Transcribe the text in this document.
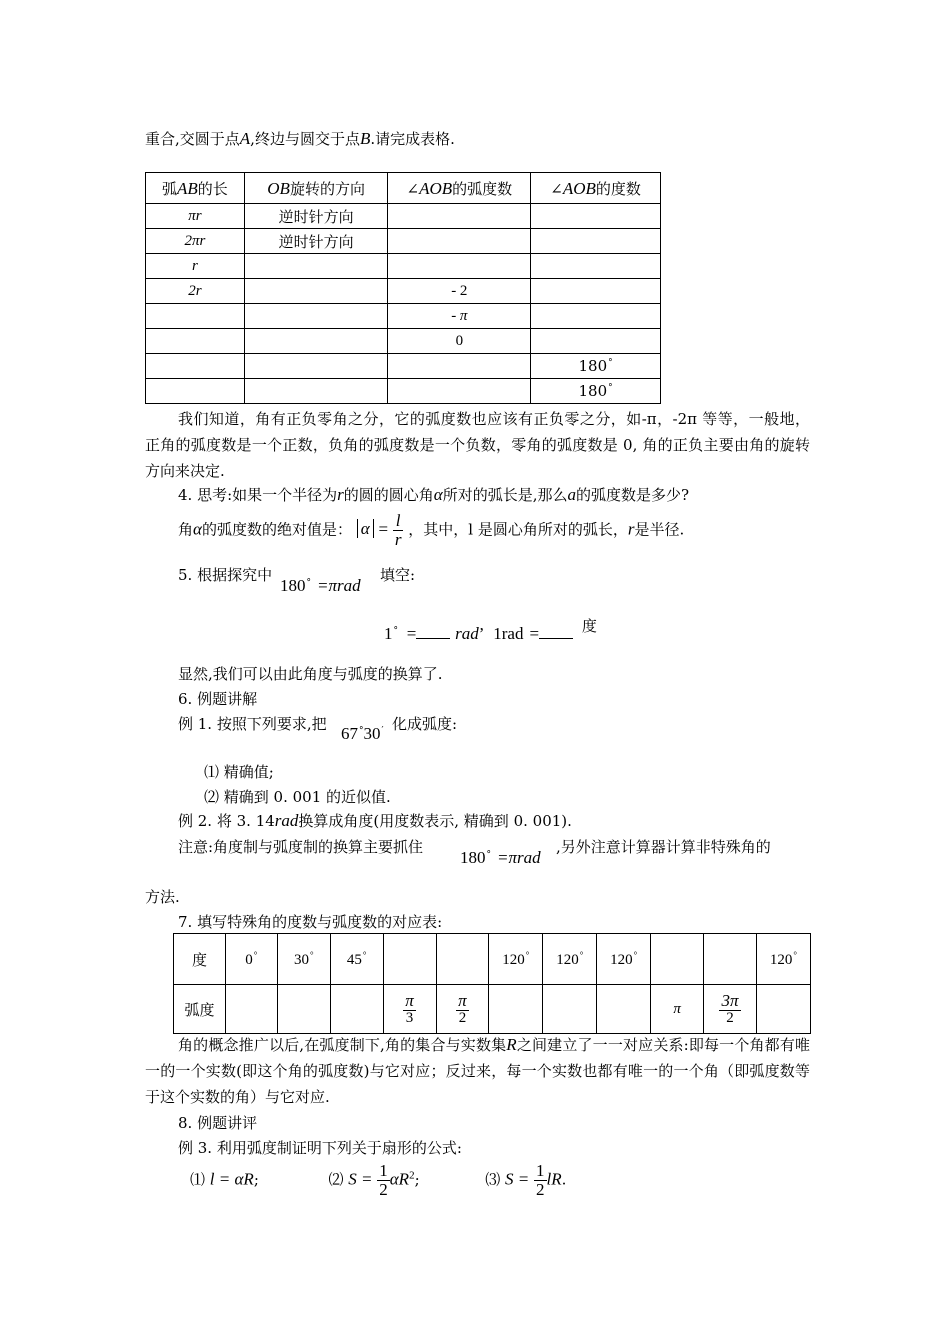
重合,交圆于点A,终边与圆交于点B.请完成表格.
弧AB的长	OB旋转的方向	∠AOB的弧度数	∠AOB的度数
πr	逆时针方向		
2πr	逆时针方向		
r			
2r		- 2	
		- π	
		0	
			180°
			180°
我们知道，角有正负零角之分，它的弧度数也应该有正负零之分，如-π，-2π 等等，一般地， 正角的弧度数是一个正数，负角的弧度数是一个负数，零角的弧度数是 0, 角的正负主要由角的旋转方向来决定.
4. 思考:如果一个半径为r的圆的圆心角α所对的弧长是,那么a的弧度数是多少?
角α的弧度数的绝对值是： $\alpha = \frac{l}{r}$ ，其中，l 是圆心角所对的弧长，r是半径.
5. 根据探究中
180° =πrad
填空:
1° = rad’ 1rad =	度
显然,我们可以由此角度与弧度的换算了.
6. 例题讲解
例 1. 按照下列要求,把 67°30′ 化成弧度:
⑴ 精确值;
⑵ 精确到 0. 001 的近似值.
例 2. 将 3. 14rad换算成角度(用度数表示, 精确到 0. 001).
注意:角度制与弧度制的换算主要抓住
180° =πrad
,另外注意计算器计算非特殊角的
方法.
7. 填写特殊角的度数与弧度数的对应表:
度	0°	30°	45°			120°	120°	120°			120°
弧度				$\frac{\pi}{3}$	$\frac{\pi}{2}$				π	$\frac{3\pi}{2}$

角的概念推广以后,在弧度制下,角的集合与实数集R之间建立了一一对应关系:即每一个角都有唯一的一个实数(即这个角的弧度数)与它对应；反过来，每一个实数也都有唯一的一个角（即弧度数等于这个实数的角）与它对应.
8. 例题讲评
例 3. 利用弧度制证明下列关于扇形的公式:
⑴ l = αR;	⑵ $S = \frac{1}{2} \alpha R^2$;	⑶ $S = \frac{1}{2}$ lR.
